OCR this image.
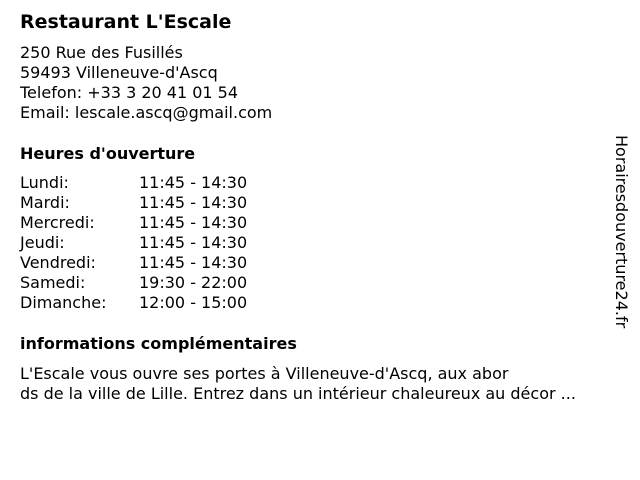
Restaurant L'Escale
250 Rue des Fusillés
59493 Villeneuve-d'Ascq
Telefon: +33 3 20 41 01 54
Email: lescale.ascq@gmail.com
Heures d'ouverture
Lundi:	11:45 - 14:30
Mardi:	11:45 - 14:30
Mercredi:	11:45 - 14:30
Jeudi:	11:45 - 14:30
Vendredi:	11:45 - 14:30
Samedi:	19:30 - 22:00
Dimanche:	12:00 - 15:00
informations complémentaires
L'Escale vous ouvre ses portes à Villeneuve-d'Ascq, aux abor
ds de la ville de Lille. Entrez dans un intérieur chaleureux au décor ...
Horairesdouverture24.fr
